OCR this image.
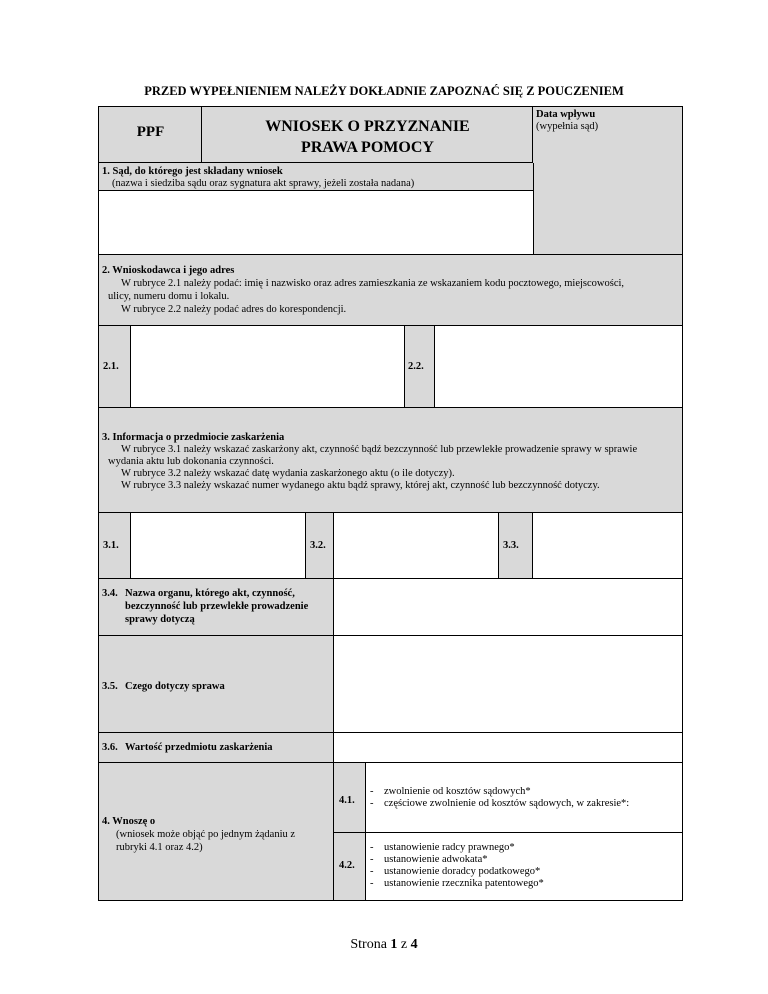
PRZED WYPEŁNIENIEM NALEŻY DOKŁADNIE ZAPOZNAĆ SIĘ Z POUCZENIEM
PPF	WNIOSEK O PRZYZNANIE
PRAWA POMOCY
Data wpływu
(wypełnia sąd)
1. Sąd, do którego jest składany wniosek
(nazwa i siedziba sądu oraz sygnatura akt sprawy, jeżeli została nadana)
2. Wnioskodawca i jego adres
W rubryce 2.1 należy podać: imię i nazwisko oraz adres zamieszkania ze wskazaniem kodu pocztowego, miejscowości,
ulicy, numeru domu i lokalu.
W rubryce 2.2 należy podać adres do korespondencji.
2.1.	2.2.
3. Informacja o przedmiocie zaskarżenia
W rubryce 3.1 należy wskazać zaskarżony akt, czynność bądź bezczynność lub przewlekłe prowadzenie sprawy w sprawie
wydania aktu lub dokonania czynności.
W rubryce 3.2 należy wskazać datę wydania zaskarżonego aktu (o ile dotyczy).
W rubryce 3.3 należy wskazać numer wydanego aktu bądź sprawy, której akt, czynność lub bezczynność dotyczy.
3.1.	3.2.	3.3.
3.4. Nazwa organu, którego akt, czynność,
bezczynność lub przewlekłe prowadzenie
sprawy dotyczą
3.5. Czego dotyczy sprawa
3.6. Wartość przedmiotu zaskarżenia
4. Wnoszę o
(wniosek może objąć po jednym żądaniu z
rubryki 4.1 oraz 4.2)
4.1.
- zwolnienie od kosztów sądowych*
- częściowe zwolnienie od kosztów sądowych, w zakresie*:
4.2.
- ustanowienie radcy prawnego*
- ustanowienie adwokata*
- ustanowienie doradcy podatkowego*
- ustanowienie rzecznika patentowego*
Strona 1 z 4
